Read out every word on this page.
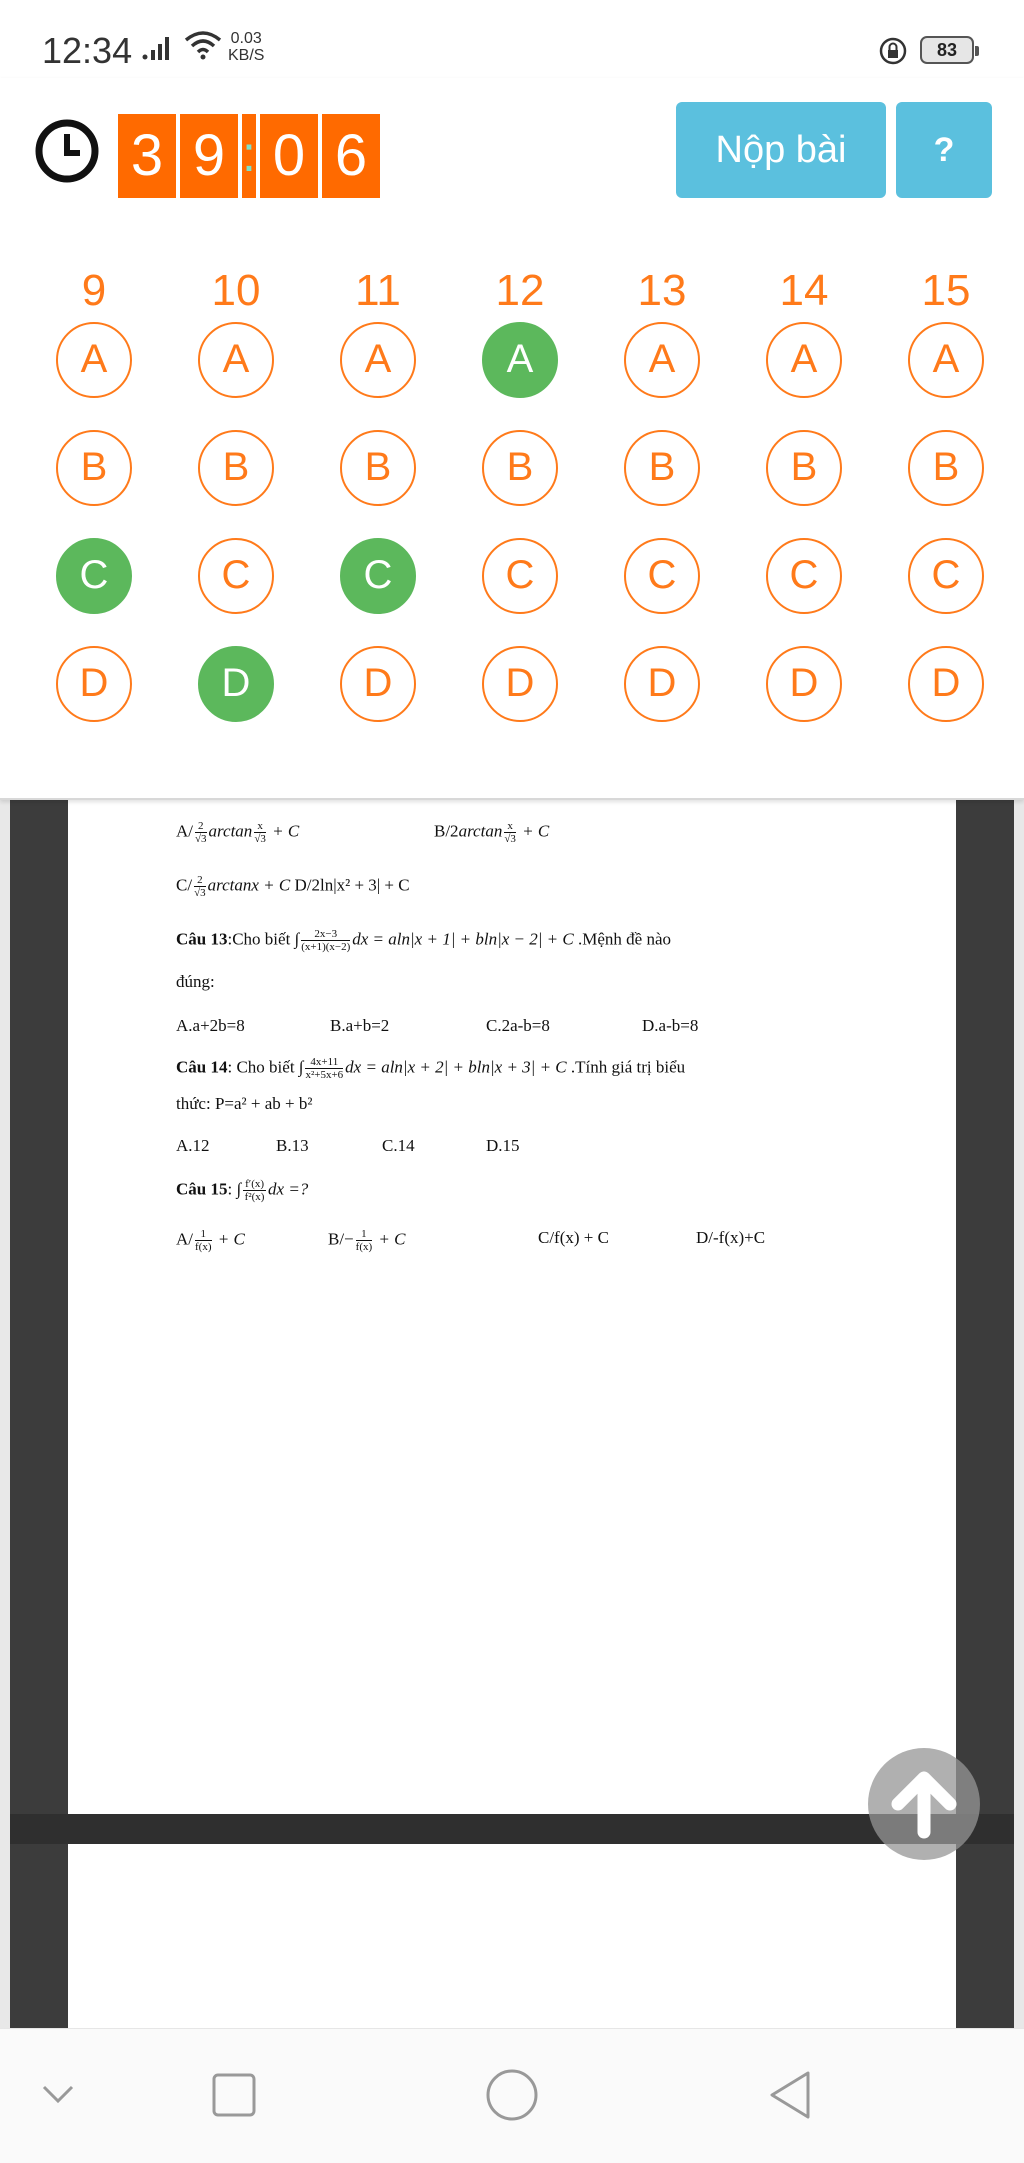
12:34	0.03
KB/S	83
$A/ \frac{2}{√3}$ $\arctan \frac{x}{√3} + C$	$B/2\arctan \frac{x}{√3} + C$
$C/ \frac{2}{√3}$ arctanx + C D/2ln|x² + 3| + C
Câu 13:Cho biết ∫ $\frac{2x-3}{(x+1)(x-2)}$ dx = aln|x + 1| + bln|x − 2| + C .Mệnh đề nào
đúng:
A.a+2b=8	B.a+b=2	C.2a-b=8	D.a-b=8
Câu 14: Cho biết ∫ $\frac{4x+11}{\text{x²+5x+6}}$ dx = aln|x + 2| + bln|x + 3| + C .Tính giá trị biểu
thức: P=a² + ab + b²
A.12	B.13	C.14	D.15
Câu 15: ∫ $\frac{f'(x)}{\text{f²(x)}}$ dx =?
$A/ \frac{1}{f(x)} + C$	$B/- \frac{1}{f(x)} + C$	C/f(x) + C	D/-f(x)+C
3 9 : 0 6	Nộp bài	?
9
A
B
C
D
10
A
B
C
D
11
A
B
C
D
12
A
B
C
D
13
A
B
C
D
14
A
B
C
D
15
A
B
C
D
